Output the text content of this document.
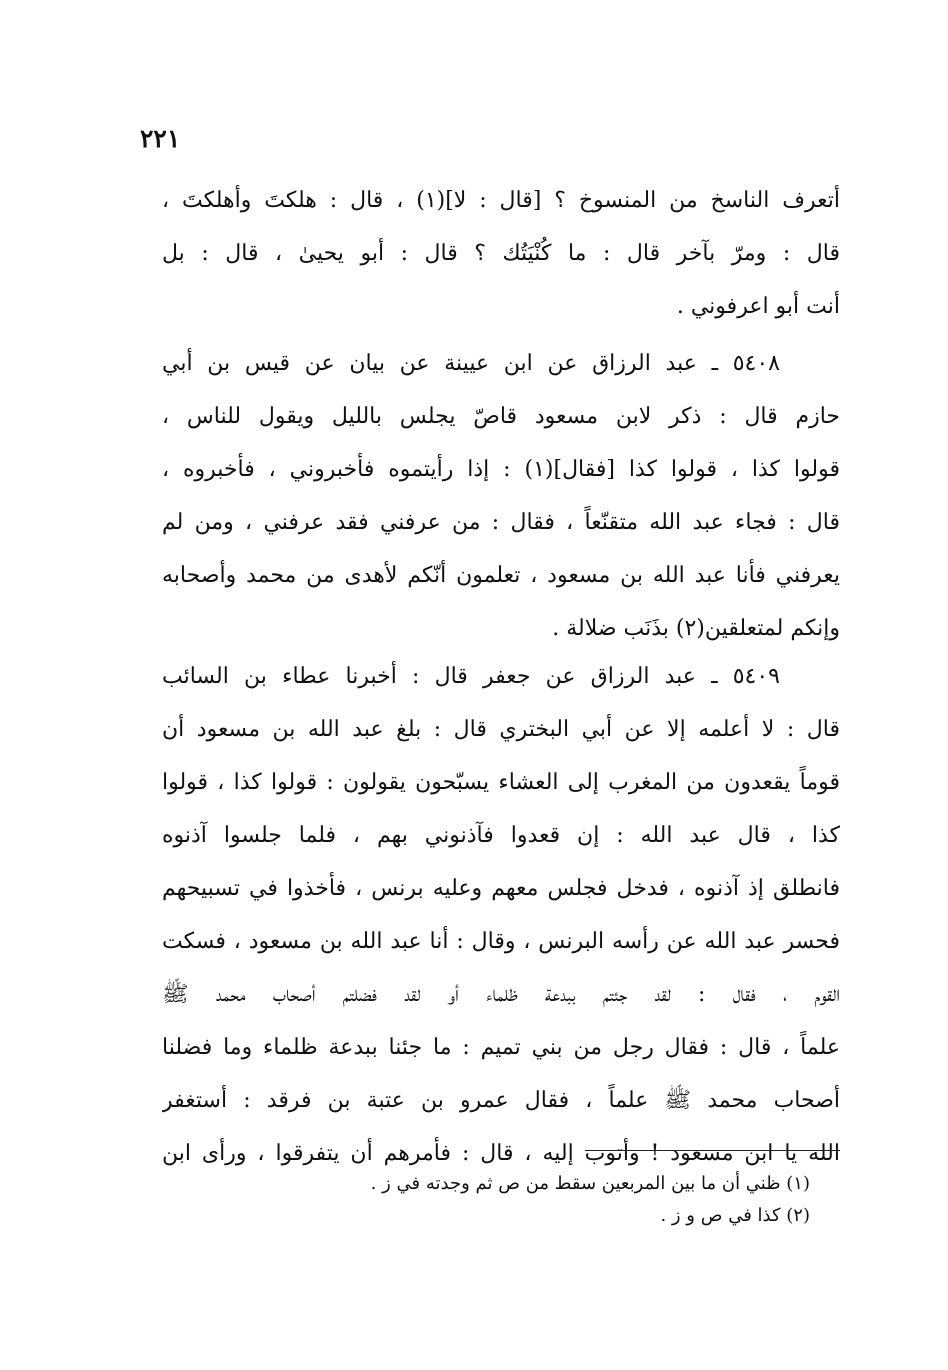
٢٢١
أتعرف الناسخ من المنسوخ ؟ [قال : لا](١) ، قال : هلكتَ وأهلكتَ ،
قال : ومرّ بآخر قال : ما كُنْيَتُك ؟ قال : أبو يحيىٰ ، قال : بل
أنت أبو اعرفوني .
٥٤٠٨ ـ عبد الرزاق عن ابن عيينة عن بيان عن قيس بن أبي
حازم قال : ذكر لابن مسعود قاصّ يجلس بالليل ويقول للناس ،
قولوا كذا ، قولوا كذا [فقال](١) : إذا رأيتموه فأخبروني ، فأخبروه ،
قال : فجاء عبد الله متقنّعاً ، فقال : من عرفني فقد عرفني ، ومن لم
يعرفني فأنا عبد الله بن مسعود ، تعلمون أنّكم لأهدى من محمد وأصحابه
وإنكم لمتعلقين(٢) بذَنَب ضلالة .
٥٤٠٩ ـ عبد الرزاق عن جعفر قال : أخبرنا عطاء بن السائب
قال : لا أعلمه إلا عن أبي البختري قال : بلغ عبد الله بن مسعود أن
قوماً يقعدون من المغرب إلى العشاء يسبّحون يقولون : قولوا كذا ، قولوا
كذا ، قال عبد الله : إن قعدوا فآذنوني بهم ، فلما جلسوا آذنوه
فانطلق إذ آذنوه ، فدخل فجلس معهم وعليه برنس ، فأخذوا في تسبيحهم
فحسر عبد الله عن رأسه البرنس ، وقال : أنا عبد الله بن مسعود ، فسكت
القوم ، فقال : لقد جئتم ببدعة ظلماء أو لقد فضلتم أصحاب محمد ﷺ
علماً ، قال : فقال رجل من بني تميم : ما جئنا ببدعة ظلماء وما فضلنا
أصحاب محمد ﷺ علماً ، فقال عمرو بن عتبة بن فرقد : أستغفر
الله يا ابن مسعود ! وأتوب إليه ، قال : فأمرهم أن يتفرقوا ، ورأى ابن
(١) ظني أن ما بين المربعين سقط من ص ثم وجدته في ز .
(٢) كذا في ص و ز .
